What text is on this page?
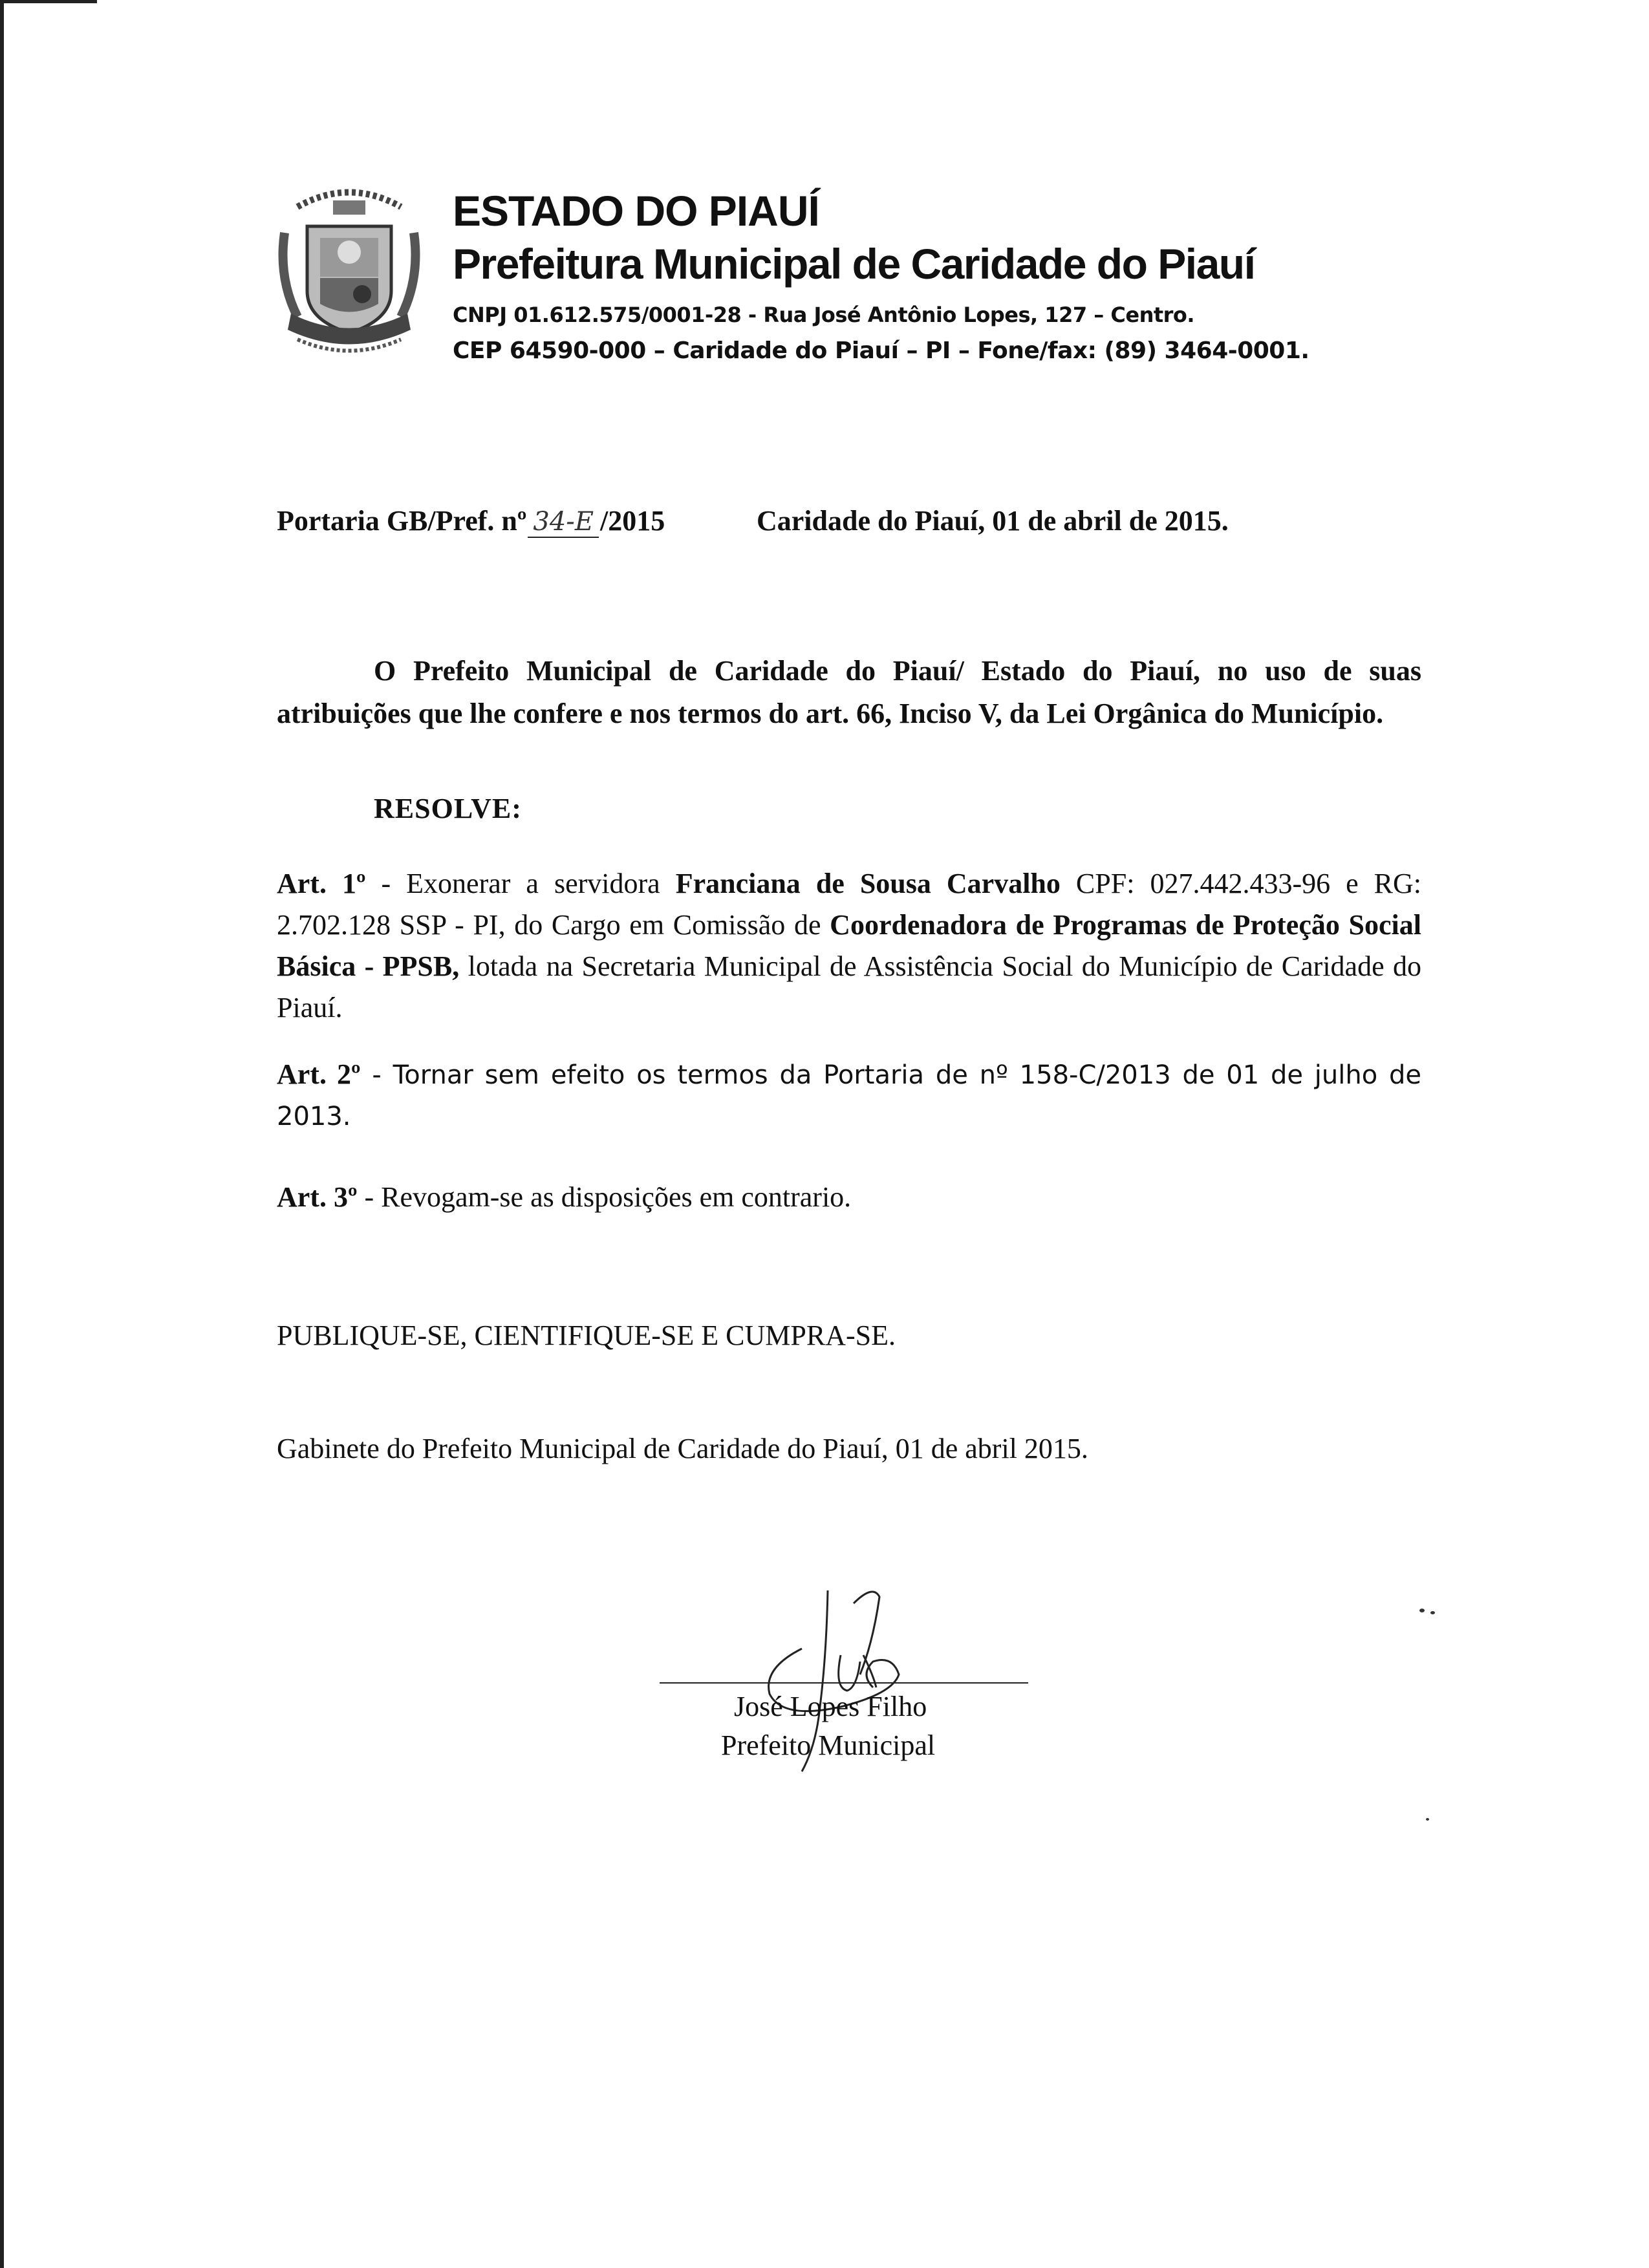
ESTADO DO PIAUÍ

Prefeitura Municipal de Caridade do Piauí

CNPJ 01.612.575/0001-28 - Rua José Antônio Lopes, 127 – Centro.

CEP 64590-000 – Caridade do Piauí – PI – Fone/fax: (89) 3464-0001.

Portaria GB/Pref. nº 34-E /2015	Caridade do Piauí, 01 de abril de 2015.

O Prefeito Municipal de Caridade do Piauí/ Estado do Piauí, no uso de suas atribuições que lhe confere e nos termos do art. 66, Inciso V, da Lei Orgânica do Município.

RESOLVE:

Art. 1º - Exonerar a servidora Franciana de Sousa Carvalho CPF: 027.442.433-96 e RG: 2.702.128 SSP - PI, do Cargo em Comissão de Coordenadora de Programas de Proteção Social Básica - PPSB, lotada na Secretaria Municipal de Assistência Social do Município de Caridade do Piauí.

Art. 2º - Tornar sem efeito os termos da Portaria de nº 158-C/2013 de 01 de julho de 2013.

Art. 3º - Revogam-se as disposições em contrario.

PUBLIQUE-SE, CIENTIFIQUE-SE E CUMPRA-SE.
Gabinete do Prefeito Municipal de Caridade do Piauí, 01 de abril 2015.
José Lopes Filho
Prefeito Municipal
